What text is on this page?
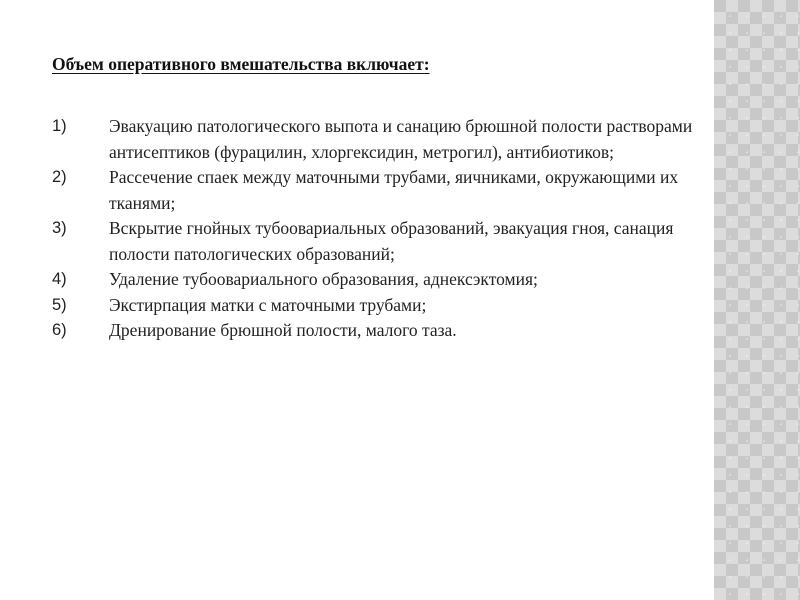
Объем оперативного вмешательства включает:
1)	Эвакуацию патологического выпота и санацию брюшной полости растворами антисептиков (фурацилин, хлоргексидин, метрогил), антибиотиков;
2)	Рассечение спаек между маточными трубами, яичниками, окружающими их тканями;
3)	Вскрытие гнойных тубоовариальных образований, эвакуация гноя, санация полости патологических образований;
4)	Удаление тубоовариального образования, аднексэктомия;
5)	Экстирпация матки с маточными трубами;
6)	Дренирование брюшной полости, малого таза.
